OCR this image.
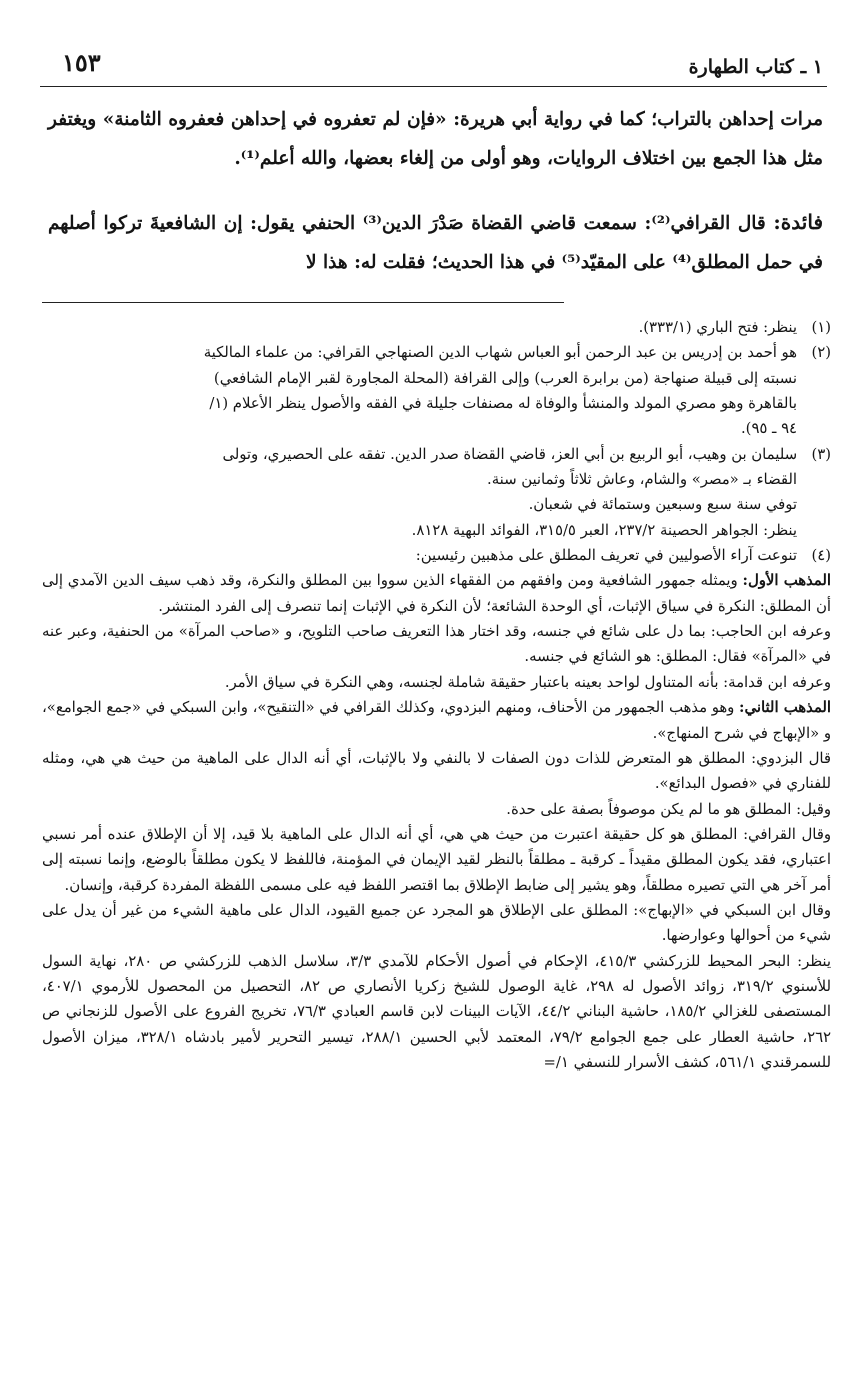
١ ـ كتاب الطهارة
١٥٣
مرات إحداهن بالتراب؛ كما في رواية أبي هريرة: «فإن لم تعفروه في إحداهن فعفروه الثامنة» ويغتفر مثل هذا الجمع بين اختلاف الروايات، وهو أولى من إلغاء بعضها، والله أعلم⁽¹⁾.
فائدة: قال القرافي⁽²⁾: سمعت قاضي القضاة صَدْرَ الدين⁽³⁾ الحنفي يقول: إن الشافعيةَ تركوا أصلهم في حمل المطلق⁽⁴⁾ على المقيّد⁽⁵⁾ في هذا الحديث؛ فقلت له: هذا لا
(١)
ينظر: فتح الباري (٣٣٣/١).
(٢)
هو أحمد بن إدريس بن عبد الرحمن أبو العباس شهاب الدين الصنهاجي القرافي: من علماء المالكية
نسبته إلى قبيلة صنهاجة (من برابرة العرب) وإلى القرافة (المحلة المجاورة لقبر الإمام الشافعي)
بالقاهرة وهو مصري المولد والمنشأ والوفاة له مصنفات جليلة في الفقه والأصول ينظر الأعلام (١/
٩٤ ـ ٩٥).
(٣)
سليمان بن وهيب، أبو الربيع بن أبي العز، قاضي القضاة صدر الدين. تفقه على الحصيري، وتولى
القضاء بـ «مصر» والشام، وعاش ثلاثاً وثمانين سنة.
توفي سنة سبع وسبعين وستمائة في شعبان.
ينظر: الجواهر الحصينة ٢٣٧/٢، العبر ٣١٥/٥، الفوائد البهية ٨١٢٨.
(٤)
تنوعت آراء الأصوليين في تعريف المطلق على مذهبين رئيسين:
المذهب الأول: ويمثله جمهور الشافعية ومن وافقهم من الفقهاء الذين سووا بين المطلق والنكرة، وقد ذهب سيف الدين الآمدي إلى أن المطلق: النكرة في سياق الإثبات، أي الوحدة الشائعة؛ لأن النكرة في الإثبات إنما تنصرف إلى الفرد المنتشر.
وعرفه ابن الحاجب: بما دل على شائع في جنسه، وقد اختار هذا التعريف صاحب التلويح، و «صاحب المرآة» من الحنفية، وعبر عنه في «المرآة» فقال: المطلق: هو الشائع في جنسه.
وعرفه ابن قدامة: بأنه المتناول لواحد بعينه باعتبار حقيقة شاملة لجنسه، وهي النكرة في سياق الأمر.
المذهب الثاني: وهو مذهب الجمهور من الأحناف، ومنهم البزدوي، وكذلك القرافي في «التنقيح»، وابن السبكي في «جمع الجوامع»، و «الإبهاج في شرح المنهاج».
قال البزدوي: المطلق هو المتعرض للذات دون الصفات لا بالنفي ولا بالإثبات، أي أنه الدال على الماهية من حيث هي هي، ومثله للفناري في «فصول البدائع».
وقيل: المطلق هو ما لم يكن موصوفاً بصفة على حدة.
وقال القرافي: المطلق هو كل حقيقة اعتبرت من حيث هي هي، أي أنه الدال على الماهية بلا قيد، إلا أن الإطلاق عنده أمر نسبي اعتباري، فقد يكون المطلق مقيداً ـ كرقبة ـ مطلقاً بالنظر لقيد الإيمان في المؤمنة، فاللفظ لا يكون مطلقاً بالوضع، وإنما نسبته إلى أمر آخر هي التي تصيره مطلقاً، وهو يشير إلى ضابط الإطلاق بما اقتصر اللفظ فيه على مسمى اللفظة المفردة كرقبة، وإنسان.
وقال ابن السبكي في «الإبهاج»: المطلق على الإطلاق هو المجرد عن جميع القيود، الدال على ماهية الشيء من غير أن يدل على شيء من أحوالها وعوارضها.
ينظر: البحر المحيط للزركشي ٤١٥/٣، الإحكام في أصول الأحكام للآمدي ٣/٣، سلاسل الذهب للزركشي ص ٢٨٠، نهاية السول للأسنوي ٣١٩/٢، زوائد الأصول له ٢٩٨، غاية الوصول للشيخ زكريا الأنصاري ص ٨٢، التحصيل من المحصول للأرموي ٤٠٧/١، المستصفى للغزالي ١٨٥/٢، حاشية البناني ٤٤/٢، الآيات البينات لابن قاسم العبادي ٧٦/٣، تخريج الفروع على الأصول للزنجاني ص ٢٦٢، حاشية العطار على جمع الجوامع ٧٩/٢، المعتمد لأبي الحسين ٢٨٨/١، تيسير التحرير لأمير بادشاه ٣٢٨/١، ميزان الأصول للسمرقندي ٥٦١/١، كشف الأسرار للنسفي ١/=
